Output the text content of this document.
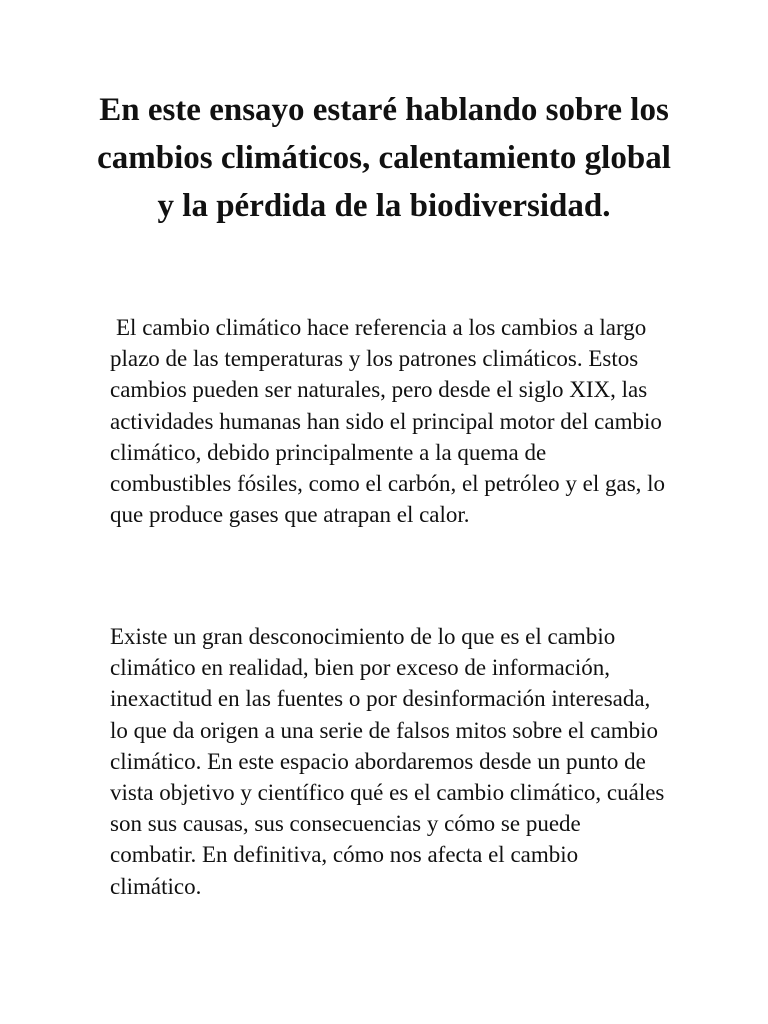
En este ensayo estaré hablando sobre los cambios climáticos, calentamiento global y la pérdida de la biodiversidad.

El cambio climático hace referencia a los cambios a largo plazo de las temperaturas y los patrones climáticos. Estos cambios pueden ser naturales, pero desde el siglo XIX, las actividades humanas han sido el principal motor del cambio climático, debido principalmente a la quema de combustibles fósiles, como el carbón, el petróleo y el gas, lo que produce gases que atrapan el calor.

Existe un gran desconocimiento de lo que es el cambio climático en realidad, bien por exceso de información, inexactitud en las fuentes o por desinformación interesada, lo que da origen a una serie de falsos mitos sobre el cambio climático. En este espacio abordaremos desde un punto de vista objetivo y científico qué es el cambio climático, cuáles son sus causas, sus consecuencias y cómo se puede combatir. En definitiva, cómo nos afecta el cambio climático.
